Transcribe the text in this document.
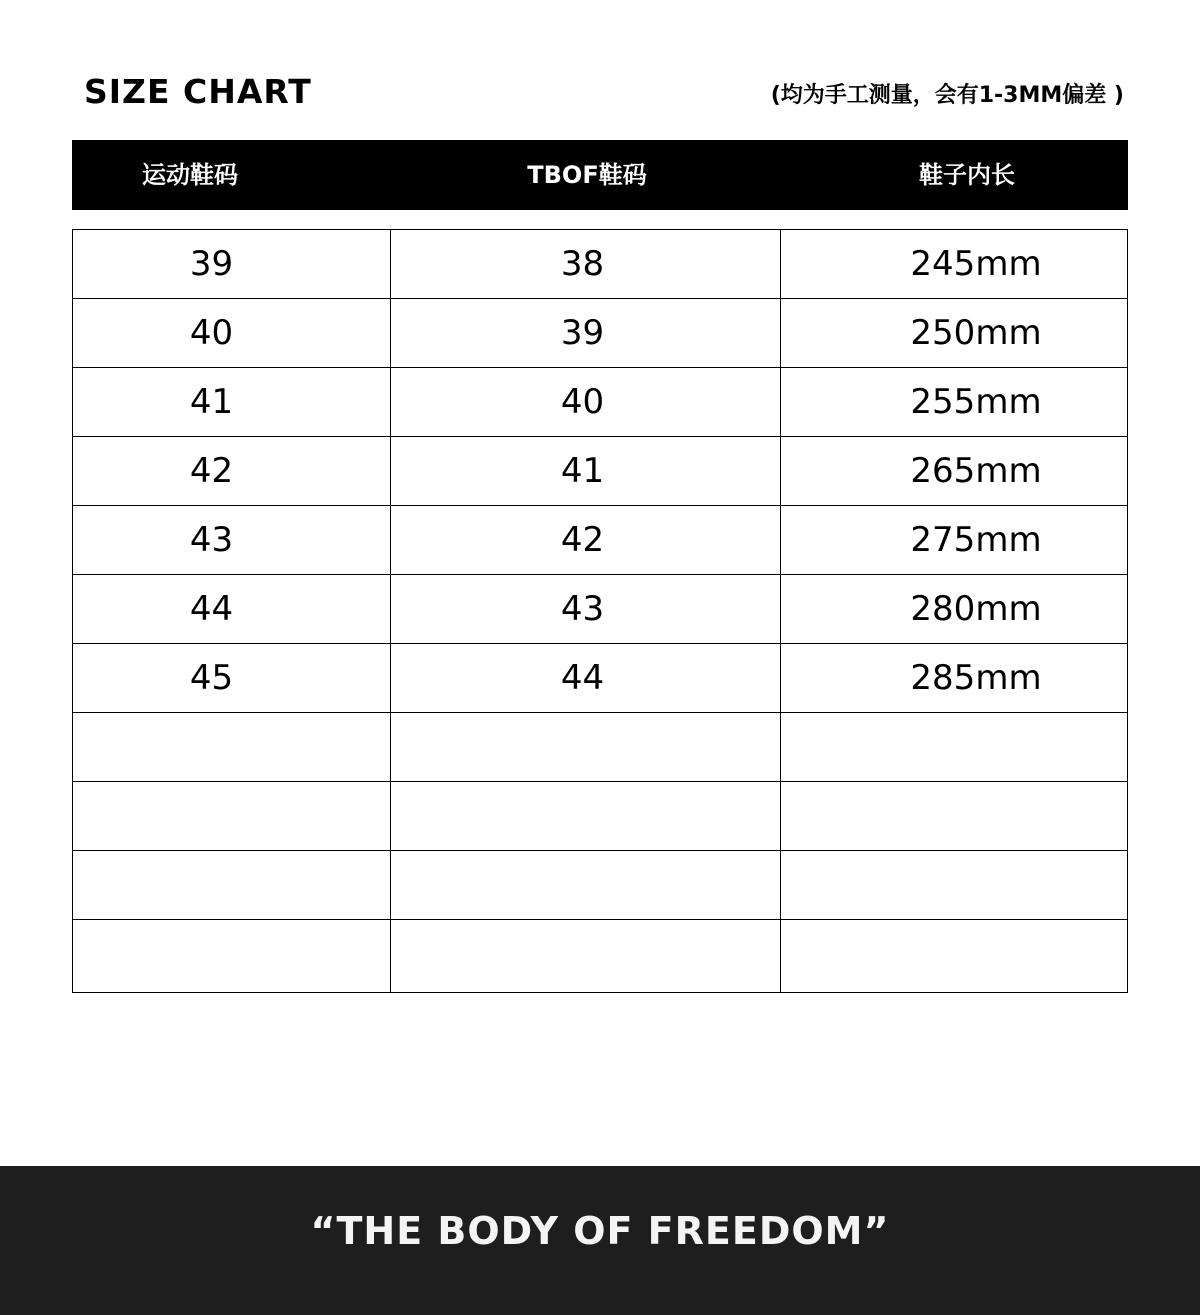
SIZE CHART	(均为手工测量，会有1-3MM偏差 )
运动鞋码	TBOF鞋码	鞋子内长
39	38	245mm
40	39	250mm
41	40	255mm
42	41	265mm
43	42	275mm
44	43	280mm
45	44	285mm

“THE BODY OF FREEDOM”
